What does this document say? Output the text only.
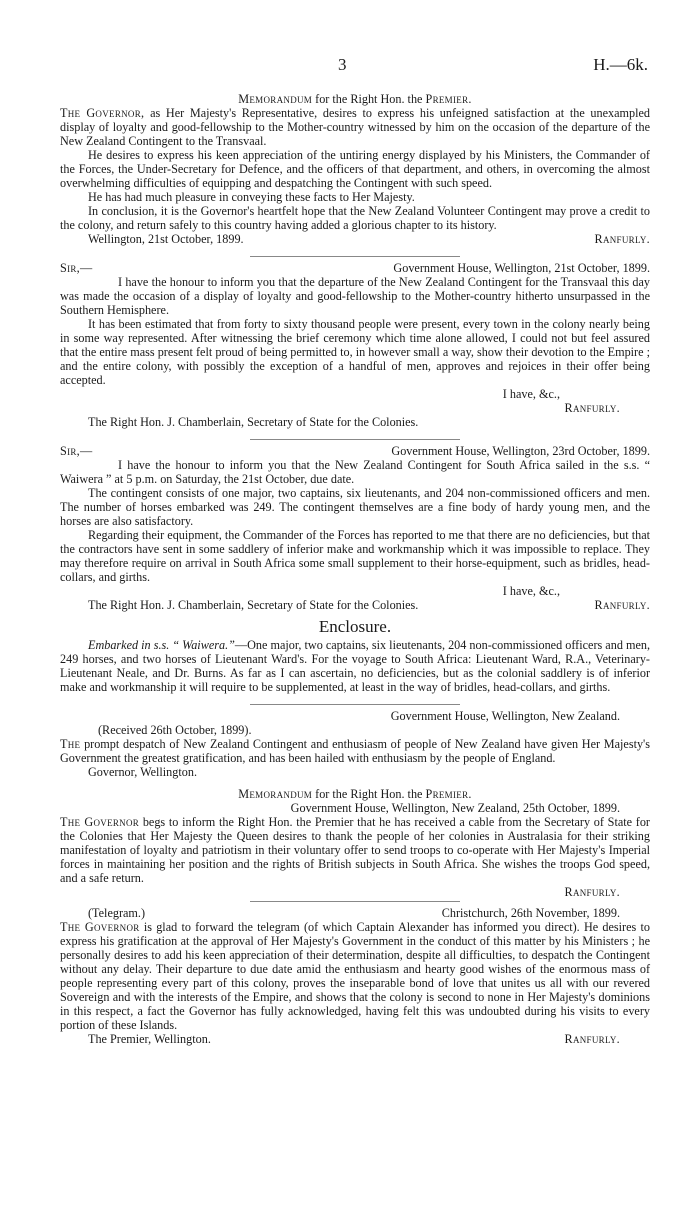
3	H.—6k.
Memorandum for the Right Hon. the Premier.

The Governor, as Her Majesty's Representative, desires to express his unfeigned satisfaction at the unexampled display of loyalty and good-fellowship to the Mother-country witnessed by him on the occasion of the departure of the New Zealand Contingent to the Transvaal.

He desires to express his keen appreciation of the untiring energy displayed by his Ministers, the Commander of the Forces, the Under-Secretary for Defence, and the officers of that department, and others, in overcoming the almost overwhelming difficulties of equipping and despatching the Contingent with such speed.

He has had much pleasure in conveying these facts to Her Majesty.

In conclusion, it is the Governor's heartfelt hope that the New Zealand Volunteer Contingent may prove a credit to the colony, and return safely to this country having added a glorious chapter to its history.

Wellington, 21st October, 1899.	Ranfurly.
Sir,—	Government House, Wellington, 21st October, 1899.

I have the honour to inform you that the departure of the New Zealand Contingent for the Transvaal this day was made the occasion of a display of loyalty and good-fellowship to the Mother-country hitherto unsurpassed in the Southern Hemisphere.

It has been estimated that from forty to sixty thousand people were present, every town in the colony nearly being in some way represented. After witnessing the brief ceremony which time alone allowed, I could not but feel assured that the entire mass present felt proud of being permitted to, in however small a way, show their devotion to the Empire ; and the entire colony, with possibly the exception of a handful of men, approves and rejoices in their offer being accepted.

I have, &c.,
Ranfurly.
The Right Hon. J. Chamberlain, Secretary of State for the Colonies.
Sir,—	Government House, Wellington, 23rd October, 1899.

I have the honour to inform you that the New Zealand Contingent for South Africa sailed in the s.s. “ Waiwera ” at 5 p.m. on Saturday, the 21st October, due date.

The contingent consists of one major, two captains, six lieutenants, and 204 non-commissioned officers and men. The number of horses embarked was 249. The contingent themselves are a fine body of hardy young men, and the horses are also satisfactory.

Regarding their equipment, the Commander of the Forces has reported to me that there are no deficiencies, but that the contractors have sent in some saddlery of inferior make and workmanship which it was impossible to replace. They may therefore require on arrival in South Africa some small supplement to their horse-equipment, such as bridles, head-collars, and girths.

I have, &c.,
The Right Hon. J. Chamberlain, Secretary of State for the Colonies.	Ranfurly.
Enclosure.

Embarked in s.s. “ Waiwera.”—One major, two captains, six lieutenants, 204 non-commissioned officers and men, 249 horses, and two horses of Lieutenant Ward's. For the voyage to South Africa: Lieutenant Ward, R.A., Veterinary-Lieutenant Neale, and Dr. Burns. As far as I can ascertain, no deficiencies, but as the colonial saddlery is of inferior make and workmanship it will require to be supplemented, at least in the way of bridles, head-collars, and girths.

Government House, Wellington, New Zealand.
(Received 26th October, 1899).

The prompt despatch of New Zealand Contingent and enthusiasm of people of New Zealand have given Her Majesty's Government the greatest gratification, and has been hailed with enthusiasm by the people of England.

Governor, Wellington.
Memorandum for the Right Hon. the Premier.
Government House, Wellington, New Zealand, 25th October, 1899.

The Governor begs to inform the Right Hon. the Premier that he has received a cable from the Secretary of State for the Colonies that Her Majesty the Queen desires to thank the people of her colonies in Australasia for their striking manifestation of loyalty and patriotism in their voluntary offer to send troops to co-operate with Her Majesty's Imperial forces in maintaining her position and the rights of British subjects in South Africa. She wishes the troops God speed, and a safe return.

Ranfurly.
(Telegram.)	Christchurch, 26th November, 1899.

The Governor is glad to forward the telegram (of which Captain Alexander has informed you direct). He desires to express his gratification at the approval of Her Majesty's Government in the conduct of this matter by his Ministers ; he personally desires to add his keen appreciation of their determination, despite all difficulties, to despatch the Contingent without any delay. Their departure to due date amid the enthusiasm and hearty good wishes of the enormous mass of people representing every part of this colony, proves the inseparable bond of love that unites us all with our revered Sovereign and with the interests of the Empire, and shows that the colony is second to none in Her Majesty's dominions in this respect, a fact the Governor has fully acknowledged, having felt this was undoubted during his visits to every portion of these Islands.

The Premier, Wellington.	Ranfurly.
